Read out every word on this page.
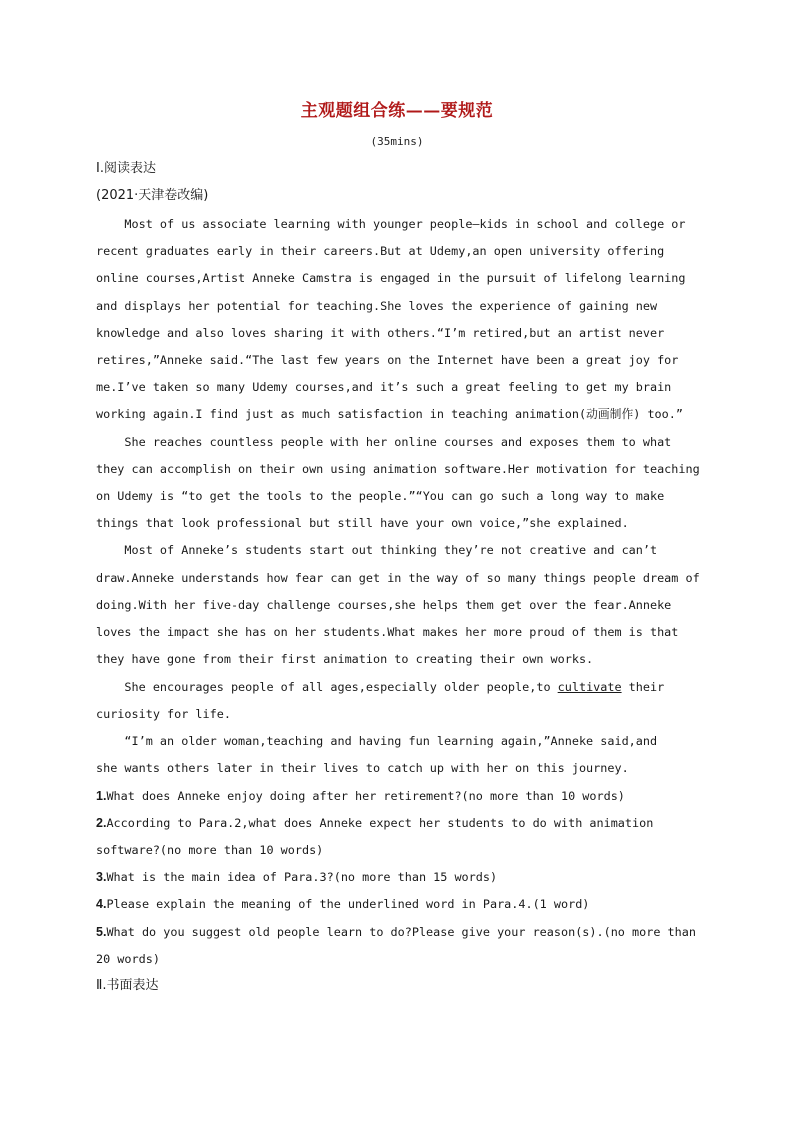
主观题组合练——要规范
(35mins)
Ⅰ.阅读表达
(2021·天津卷改编)
Most of us associate learning with younger people—kids in school and college or
recent graduates early in their careers.But at Udemy,an open university offering
online courses,Artist Anneke Camstra is engaged in the pursuit of lifelong learning
and displays her potential for teaching.She loves the experience of gaining new
knowledge and also loves sharing it with others.“I’m retired,but an artist never
retires,”Anneke said.“The last few years on the Internet have been a great joy for
me.I’ve taken so many Udemy courses,and it’s such a great feeling to get my brain
working again.I find just as much satisfaction in teaching animation(动画制作) too.”
She reaches countless people with her online courses and exposes them to what
they can accomplish on their own using animation software.Her motivation for teaching
on Udemy is “to get the tools to the people.”“You can go such a long way to make
things that look professional but still have your own voice,”she explained.
Most of Anneke’s students start out thinking they’re not creative and can’t
draw.Anneke understands how fear can get in the way of so many things people dream of
doing.With her five-day challenge courses,she helps them get over the fear.Anneke
loves the impact she has on her students.What makes her more proud of them is that
they have gone from their first animation to creating their own works.
She encourages people of all ages,especially older people,to cultivate their
curiosity for life.
“I’m an older woman,teaching and having fun learning again,”Anneke said,and
she wants others later in their lives to catch up with her on this journey.
1.What does Anneke enjoy doing after her retirement?(no more than 10 words)
2.According to Para.2,what does Anneke expect her students to do with animation
software?(no more than 10 words)
3.What is the main idea of Para.3?(no more than 15 words)
4.Please explain the meaning of the underlined word in Para.4.(1 word)
5.What do you suggest old people learn to do?Please give your reason(s).(no more than
20 words)
Ⅱ.书面表达
